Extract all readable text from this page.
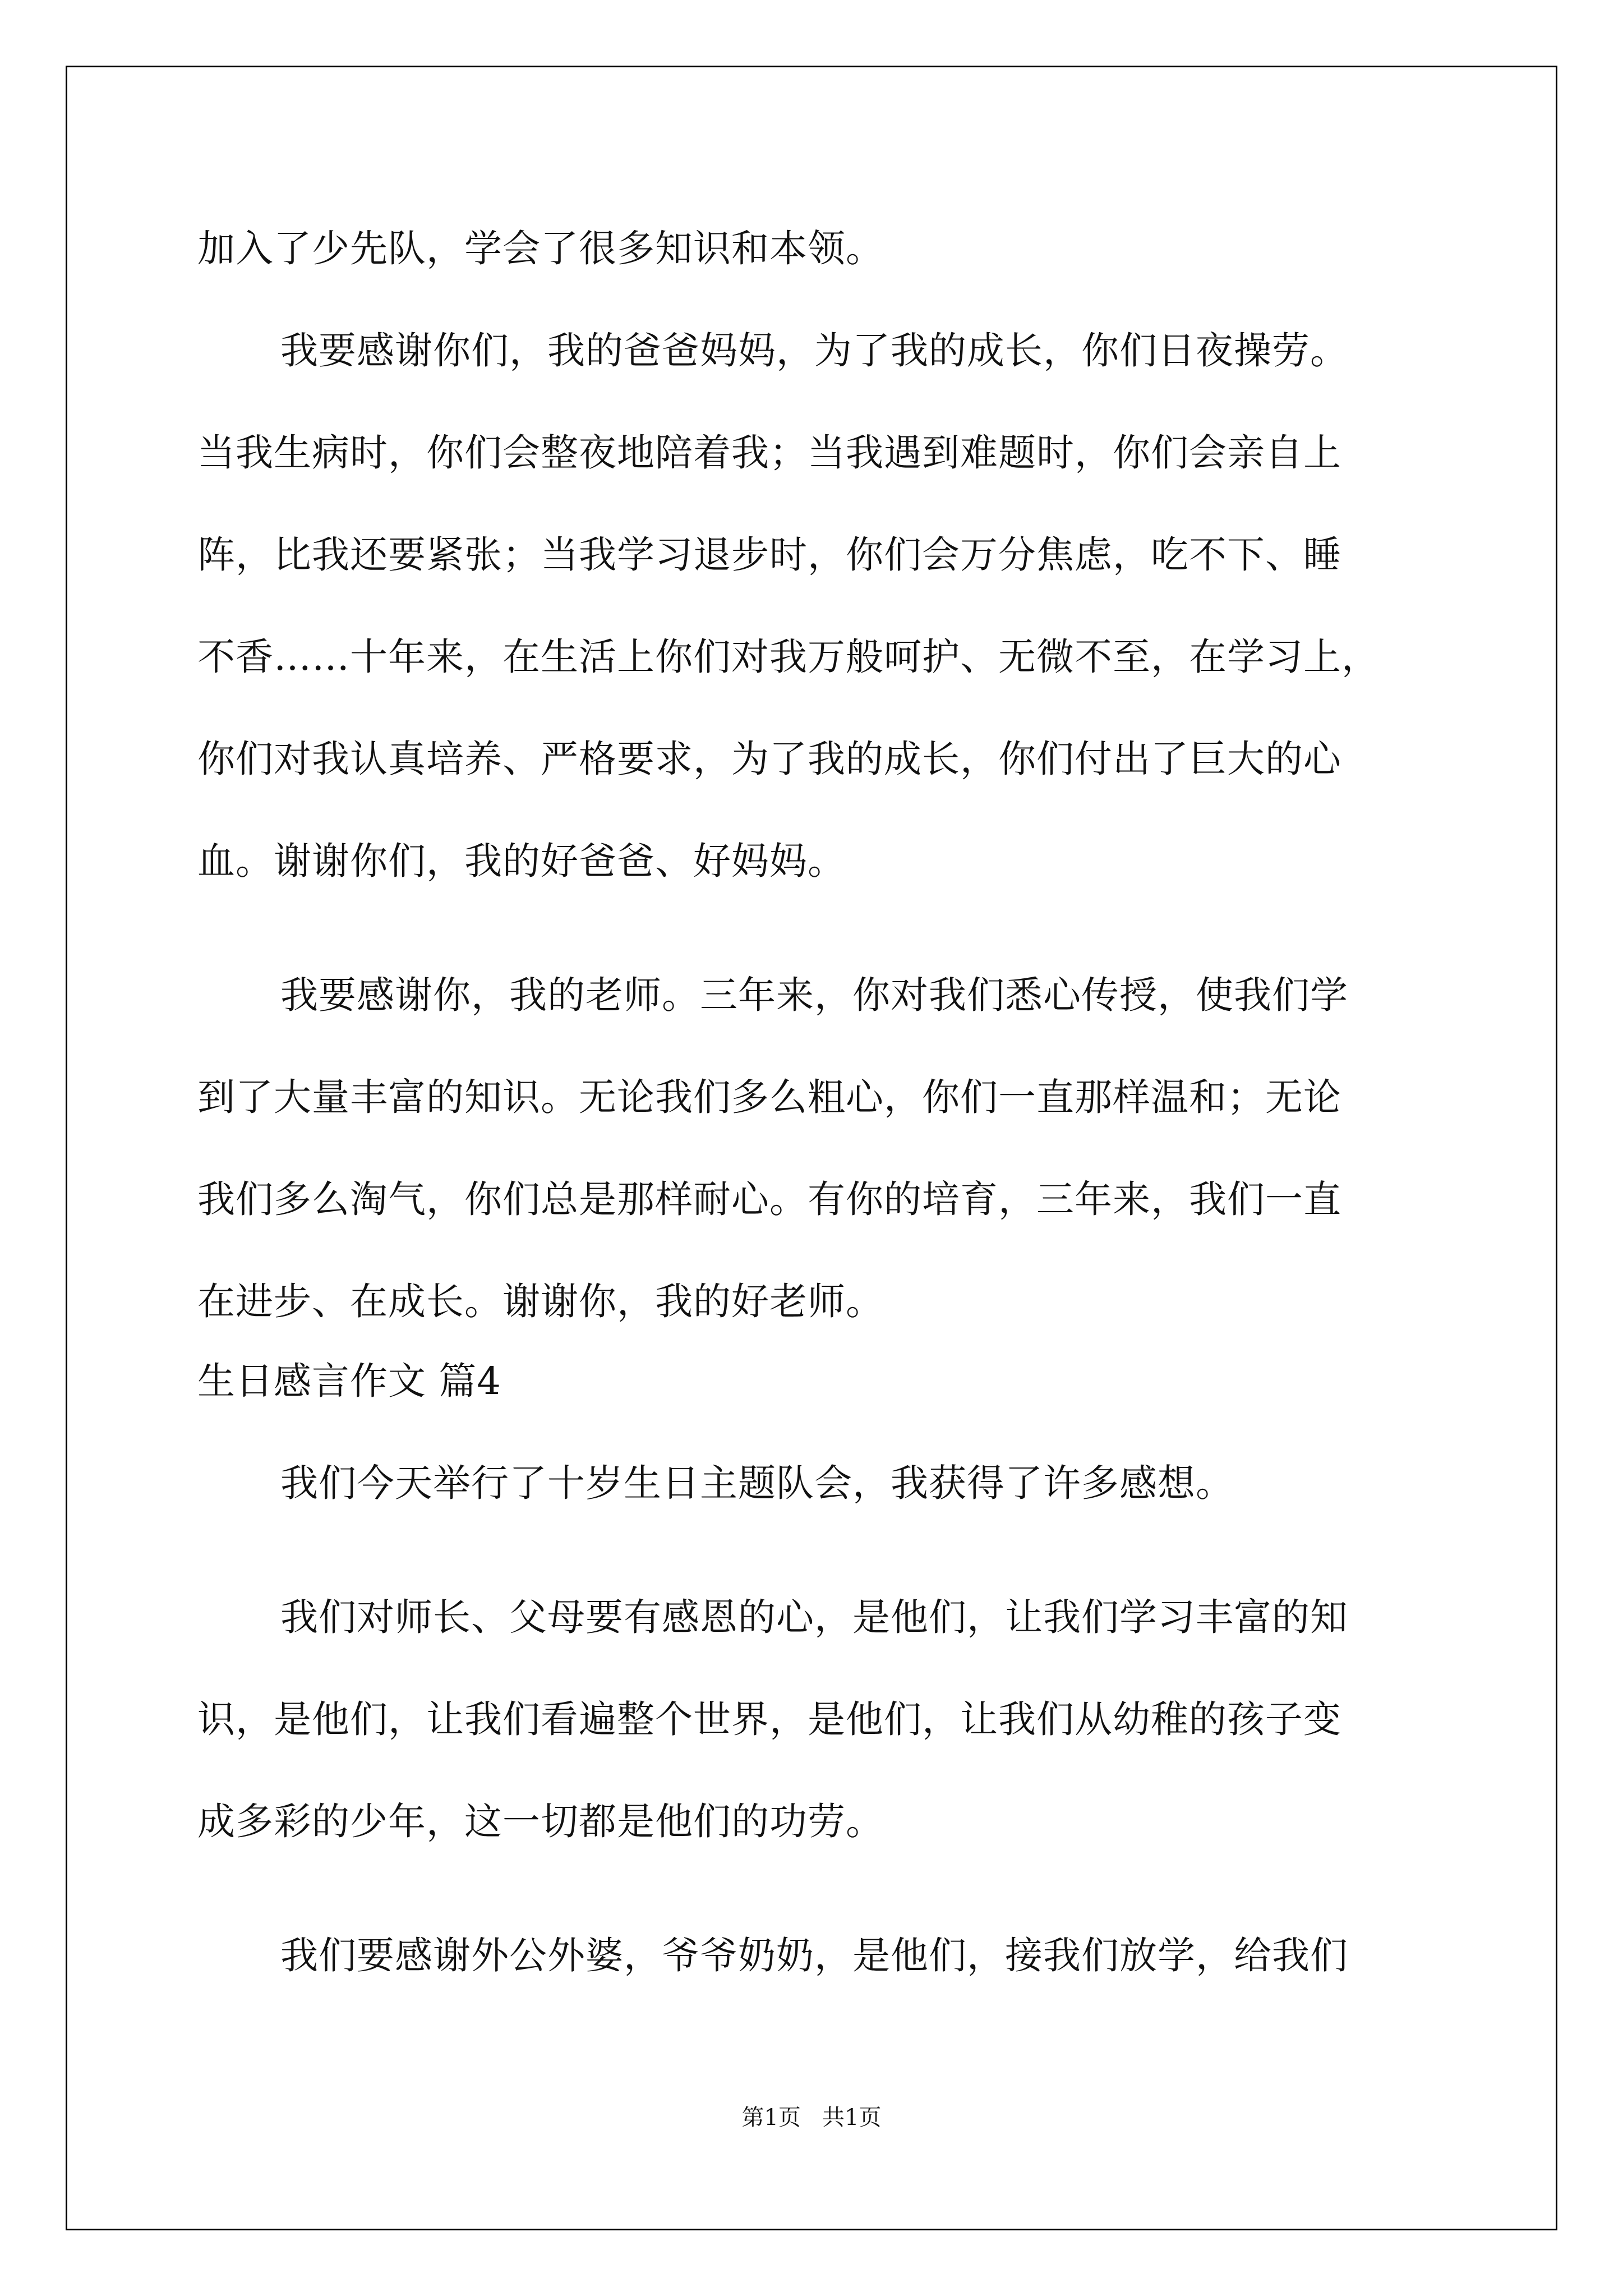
加入了少先队，学会了很多知识和本领。
我要感谢你们，我的爸爸妈妈，为了我的成长，你们日夜操劳。
当我生病时，你们会整夜地陪着我；当我遇到难题时，你们会亲自上
阵，比我还要紧张；当我学习退步时，你们会万分焦虑，吃不下、睡
不香……十年来，在生活上你们对我万般呵护、无微不至，在学习上，
你们对我认真培养、严格要求，为了我的成长，你们付出了巨大的心
血。谢谢你们，我的好爸爸、好妈妈。
我要感谢你，我的老师。三年来，你对我们悉心传授，使我们学
到了大量丰富的知识。无论我们多么粗心，你们一直那样温和；无论
我们多么淘气，你们总是那样耐心。有你的培育，三年来，我们一直
在进步、在成长。谢谢你，我的好老师。
生日感言作文 篇4
我们今天举行了十岁生日主题队会，我获得了许多感想。
我们对师长、父母要有感恩的心，是他们，让我们学习丰富的知
识，是他们，让我们看遍整个世界，是他们，让我们从幼稚的孩子变
成多彩的少年，这一切都是他们的功劳。
我们要感谢外公外婆，爷爷奶奶，是他们，接我们放学，给我们
第1页   共1页
